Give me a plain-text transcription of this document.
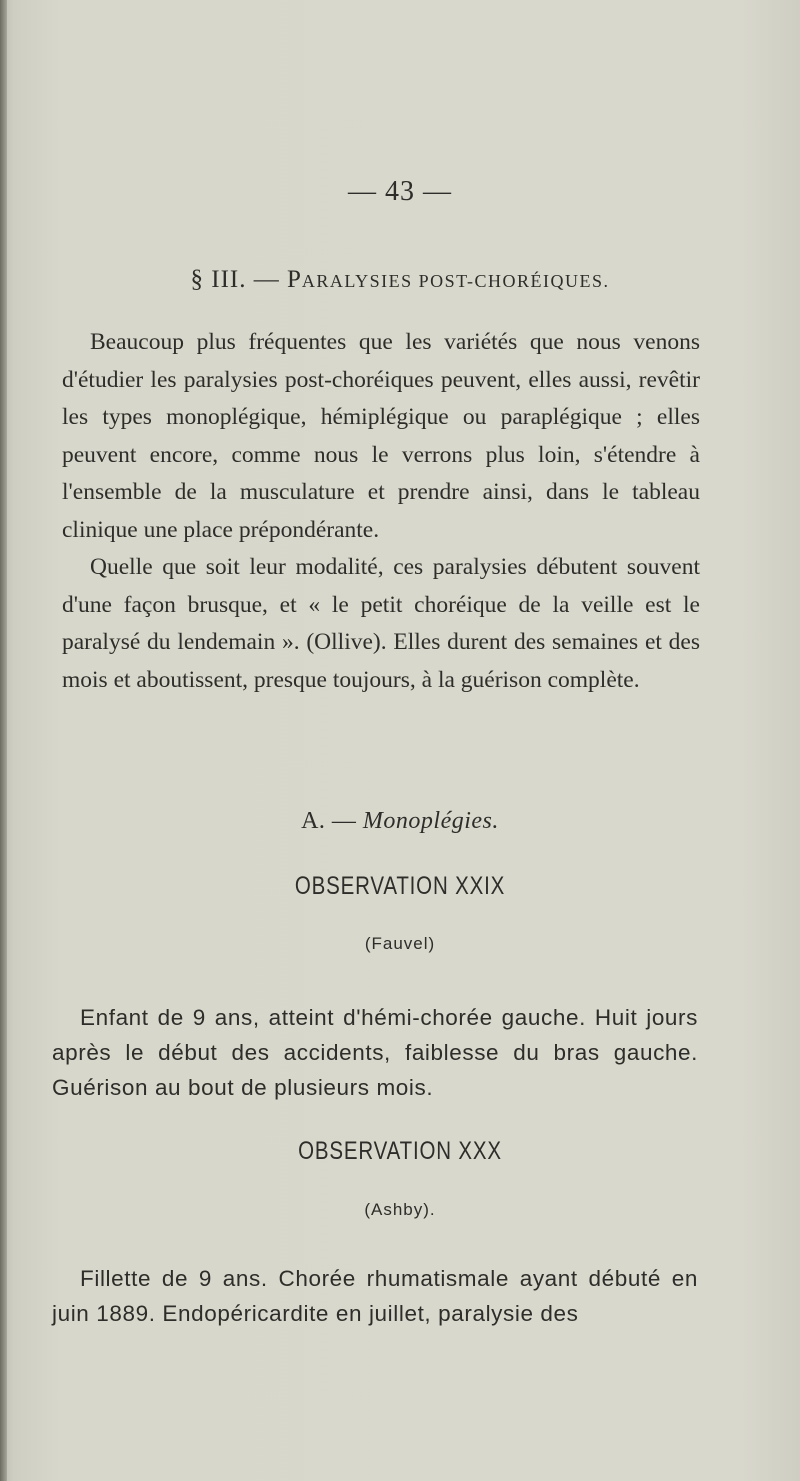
— 43 —
§ III. — PARALYSIES POST-CHORÉIQUES.

Beaucoup plus fréquentes que les variétés que nous venons d'étudier les paralysies post-choréiques peuvent, elles aussi, revêtir les types monoplégique, hémiplégique ou paraplégique ; elles peuvent encore, comme nous le verrons plus loin, s'étendre à l'ensemble de la musculature et prendre ainsi, dans le tableau clinique une place prépondérante.

Quelle que soit leur modalité, ces paralysies débutent souvent d'une façon brusque, et « le petit choréique de la veille est le paralysé du lendemain ». (Ollive). Elles durent des semaines et des mois et aboutissent, presque toujours, à la guérison complète.

A. — Monoplégies.
OBSERVATION XXIX
(Fauvel)

Enfant de 9 ans, atteint d'hémi-chorée gauche. Huit jours après le début des accidents, faiblesse du bras gauche. Guérison au bout de plusieurs mois.

OBSERVATION XXX
(Ashby).

Fillette de 9 ans. Chorée rhumatismale ayant débuté en juin 1889. Endopéricardite en juillet, paralysie des
